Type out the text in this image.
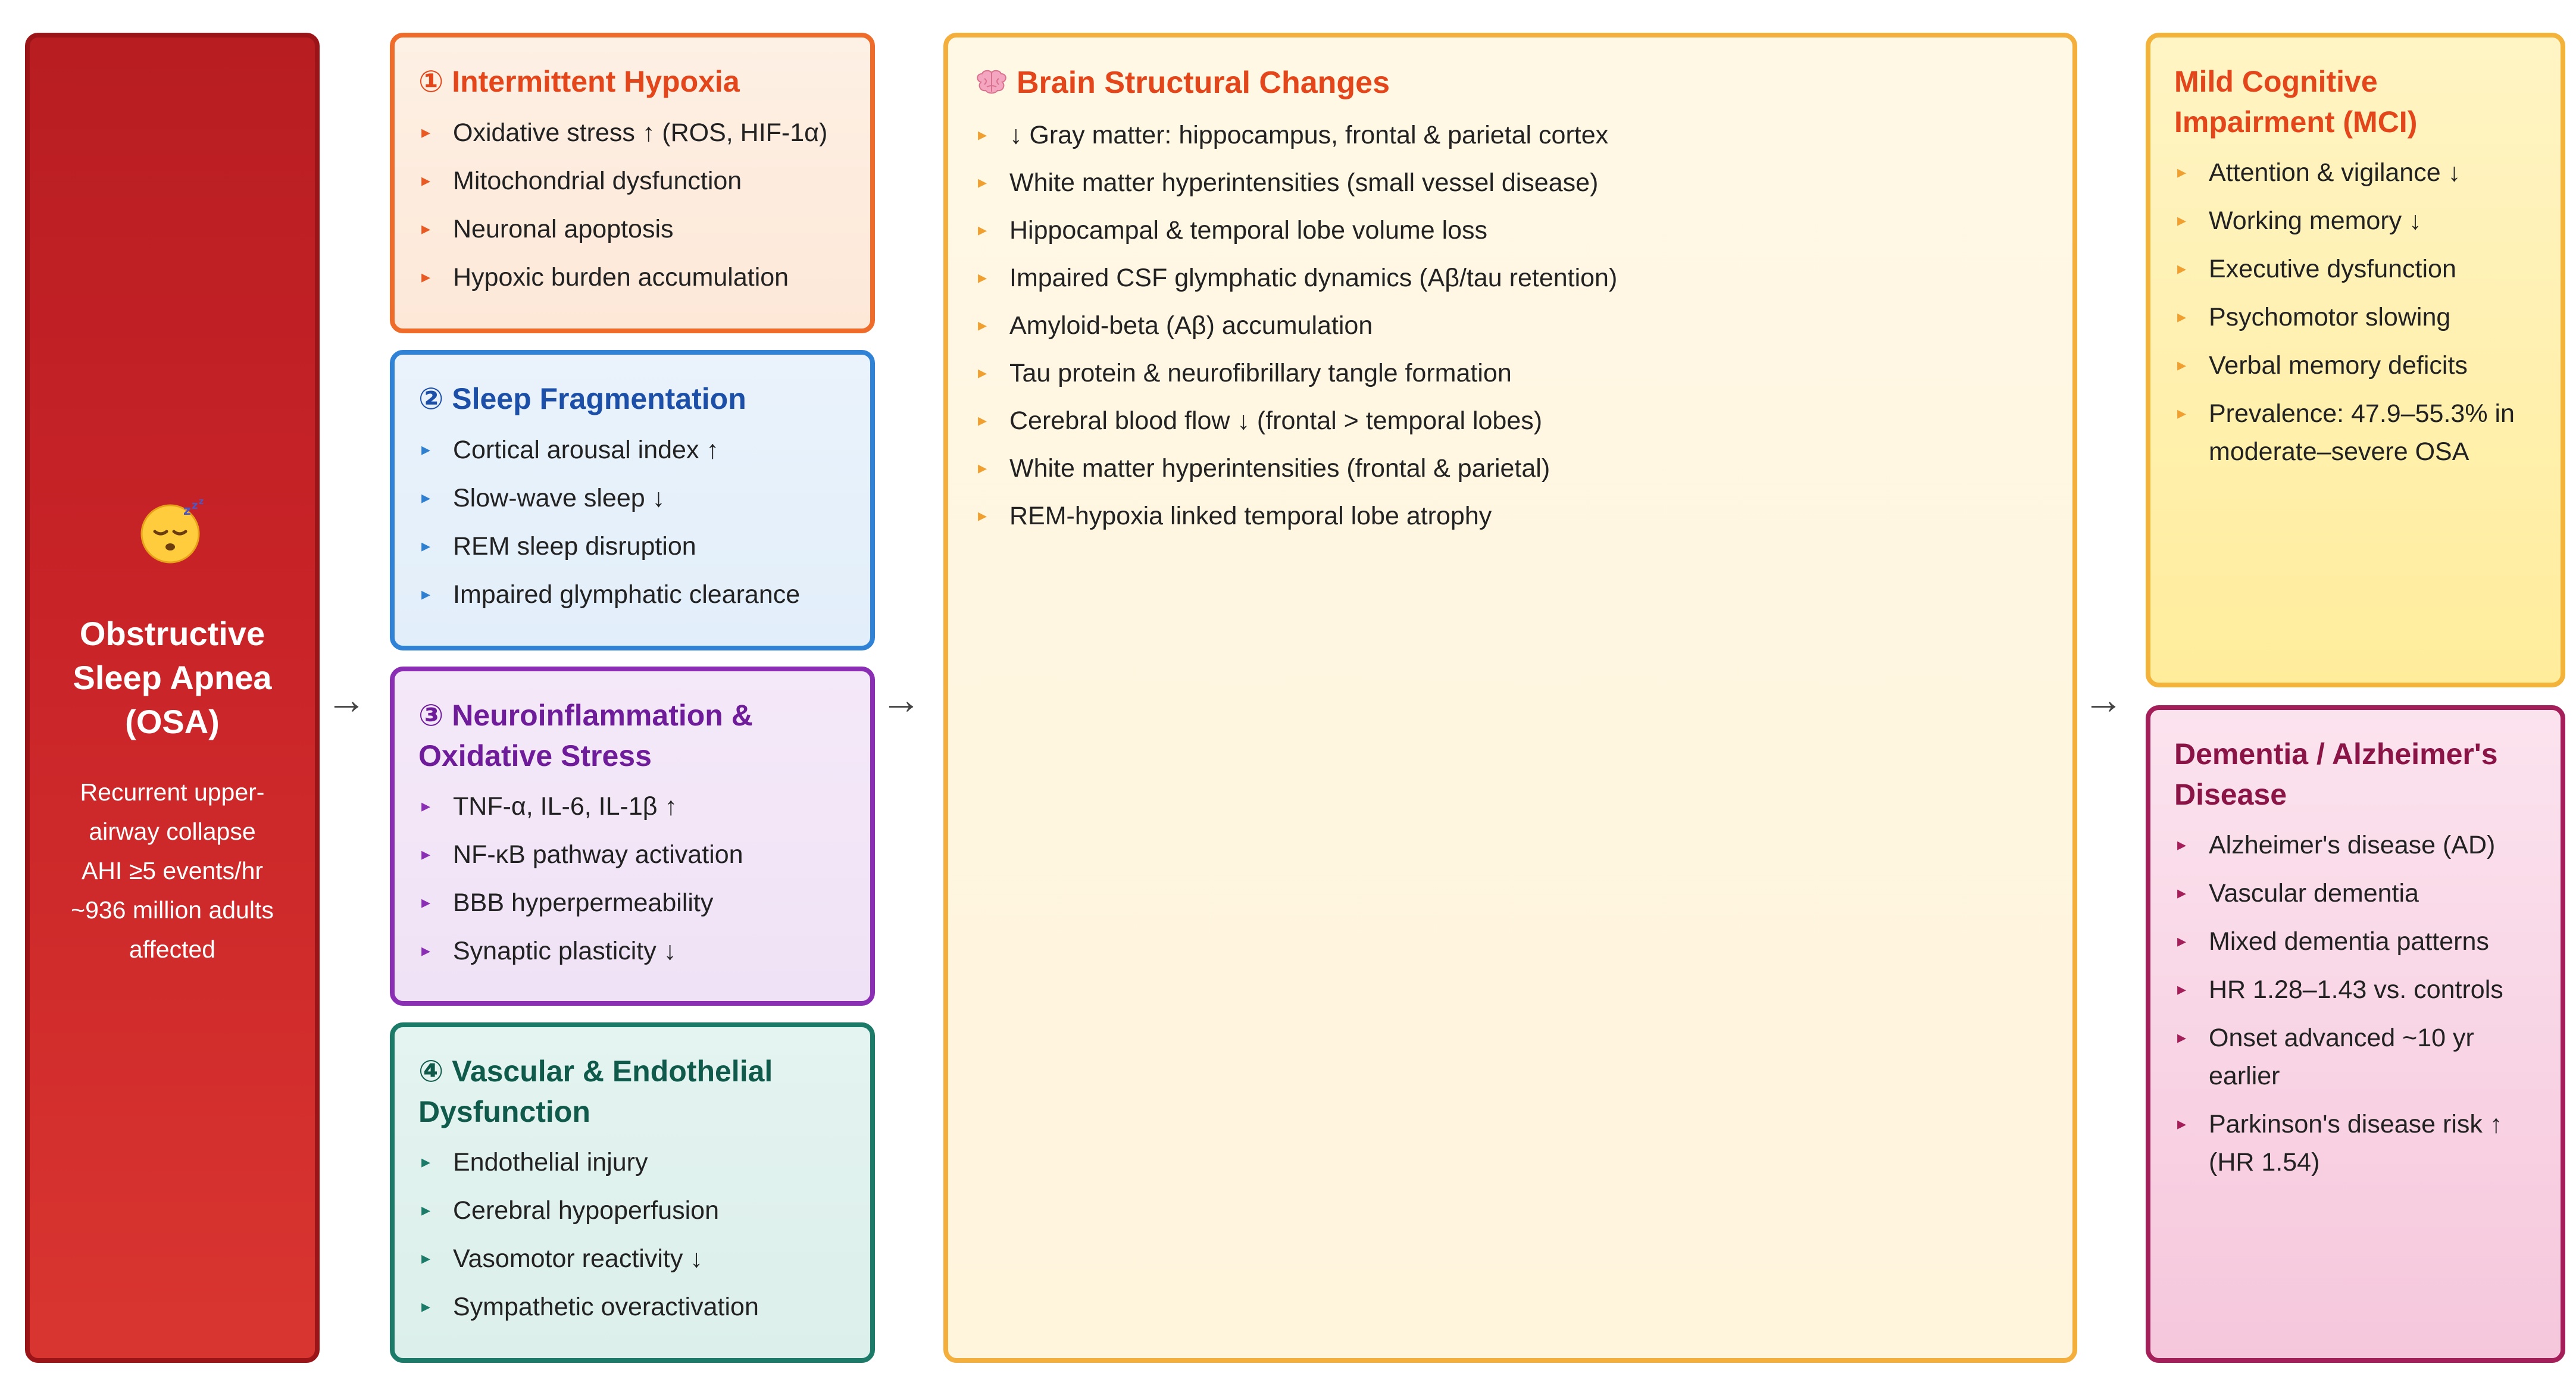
z z z
Obstructive Sleep Apnea (OSA)
Recurrent upper-
airway collapse
AHI ≥5 events/hr
~936 million adults
affected
→
① Intermittent Hypoxia
▸ Oxidative stress ↑ (ROS, HIF-1α)
▸ Mitochondrial dysfunction
▸ Neuronal apoptosis
▸ Hypoxic burden accumulation
② Sleep Fragmentation
▸ Cortical arousal index ↑
▸ Slow-wave sleep ↓
▸ REM sleep disruption
▸ Impaired glymphatic clearance
③ Neuroinflammation & Oxidative Stress
▸ TNF-α, IL-6, IL-1β ↑
▸ NF-κB pathway activation
▸ BBB hyperpermeability
▸ Synaptic plasticity ↓
④ Vascular & Endothelial Dysfunction
▸ Endothelial injury
▸ Cerebral hypoperfusion
▸ Vasomotor reactivity ↓
▸ Sympathetic overactivation
→
Brain Structural Changes
▸ ↓ Gray matter: hippocampus, frontal & parietal cortex
▸ White matter hyperintensities (small vessel disease)
▸ Hippocampal & temporal lobe volume loss
▸ Impaired CSF glymphatic dynamics (Aβ/tau retention)
▸ Amyloid-beta (Aβ) accumulation
▸ Tau protein & neurofibrillary tangle formation
▸ Cerebral blood flow ↓ (frontal > temporal lobes)
▸ White matter hyperintensities (frontal & parietal)
▸ REM-hypoxia linked temporal lobe atrophy
→
Mild Cognitive Impairment (MCI)
▸ Attention & vigilance ↓
▸ Working memory ↓
▸ Executive dysfunction
▸ Psychomotor slowing
▸ Verbal memory deficits
▸ Prevalence: 47.9–55.3% in moderate–severe OSA
Dementia / Alzheimer's Disease
▸ Alzheimer's disease (AD)
▸ Vascular dementia
▸ Mixed dementia patterns
▸ HR 1.28–1.43 vs. controls
▸ Onset advanced ~10 yr earlier
▸ Parkinson's disease risk ↑ (HR 1.54)
